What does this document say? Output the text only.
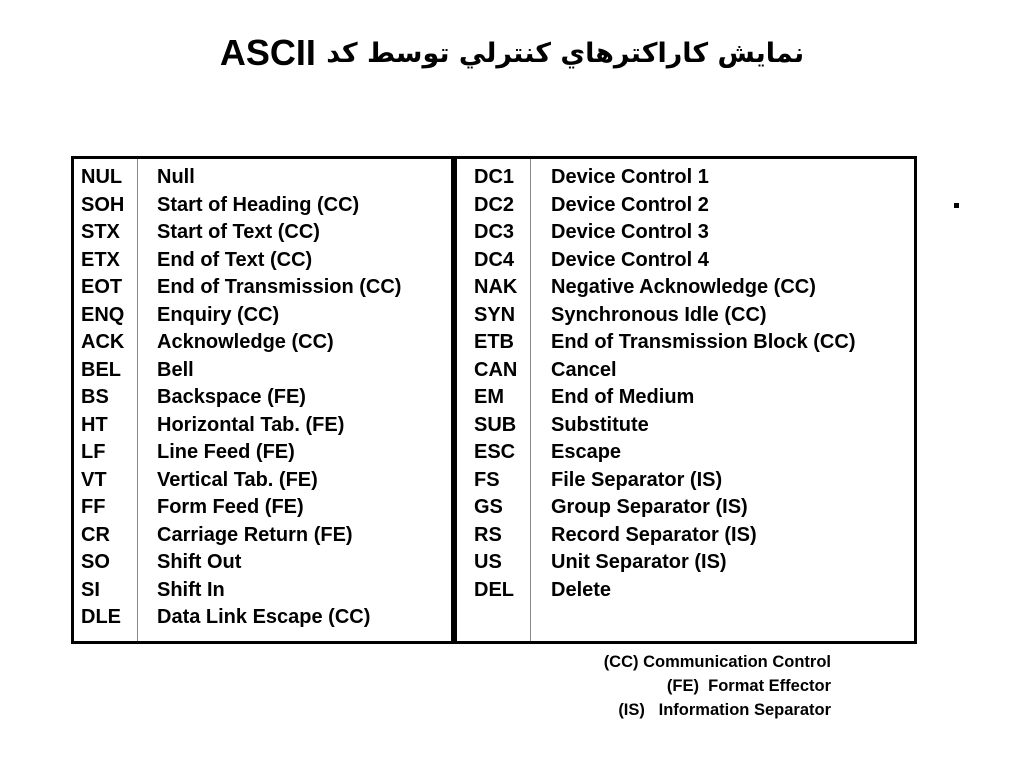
ASCII نمايش كاراكترهاي كنترلي توسط كد
NUL
SOH
STX
ETX
EOT
ENQ
ACK
BEL
BS
HT
LF
VT
FF
CR
SO
SI
DLE
Null
Start of Heading (CC)
Start of Text (CC)
End of Text (CC)
End of Transmission (CC)
Enquiry (CC)
Acknowledge (CC)
Bell
Backspace (FE)
Horizontal Tab. (FE)
Line Feed (FE)
Vertical Tab. (FE)
Form Feed (FE)
Carriage Return (FE)
Shift Out
Shift In
Data Link Escape (CC)
DC1
DC2
DC3
DC4
NAK
SYN
ETB
CAN
EM
SUB
ESC
FS
GS
RS
US
DEL
Device Control 1
Device Control 2
Device Control 3
Device Control 4
Negative Acknowledge (CC)
Synchronous Idle (CC)
End of Transmission Block (CC)
Cancel
End of Medium
Substitute
Escape
File Separator (IS)
Group Separator (IS)
Record Separator (IS)
Unit Separator (IS)
Delete
(CC) Communication Control
(FE)  Format Effector
(IS)   Information Separator
